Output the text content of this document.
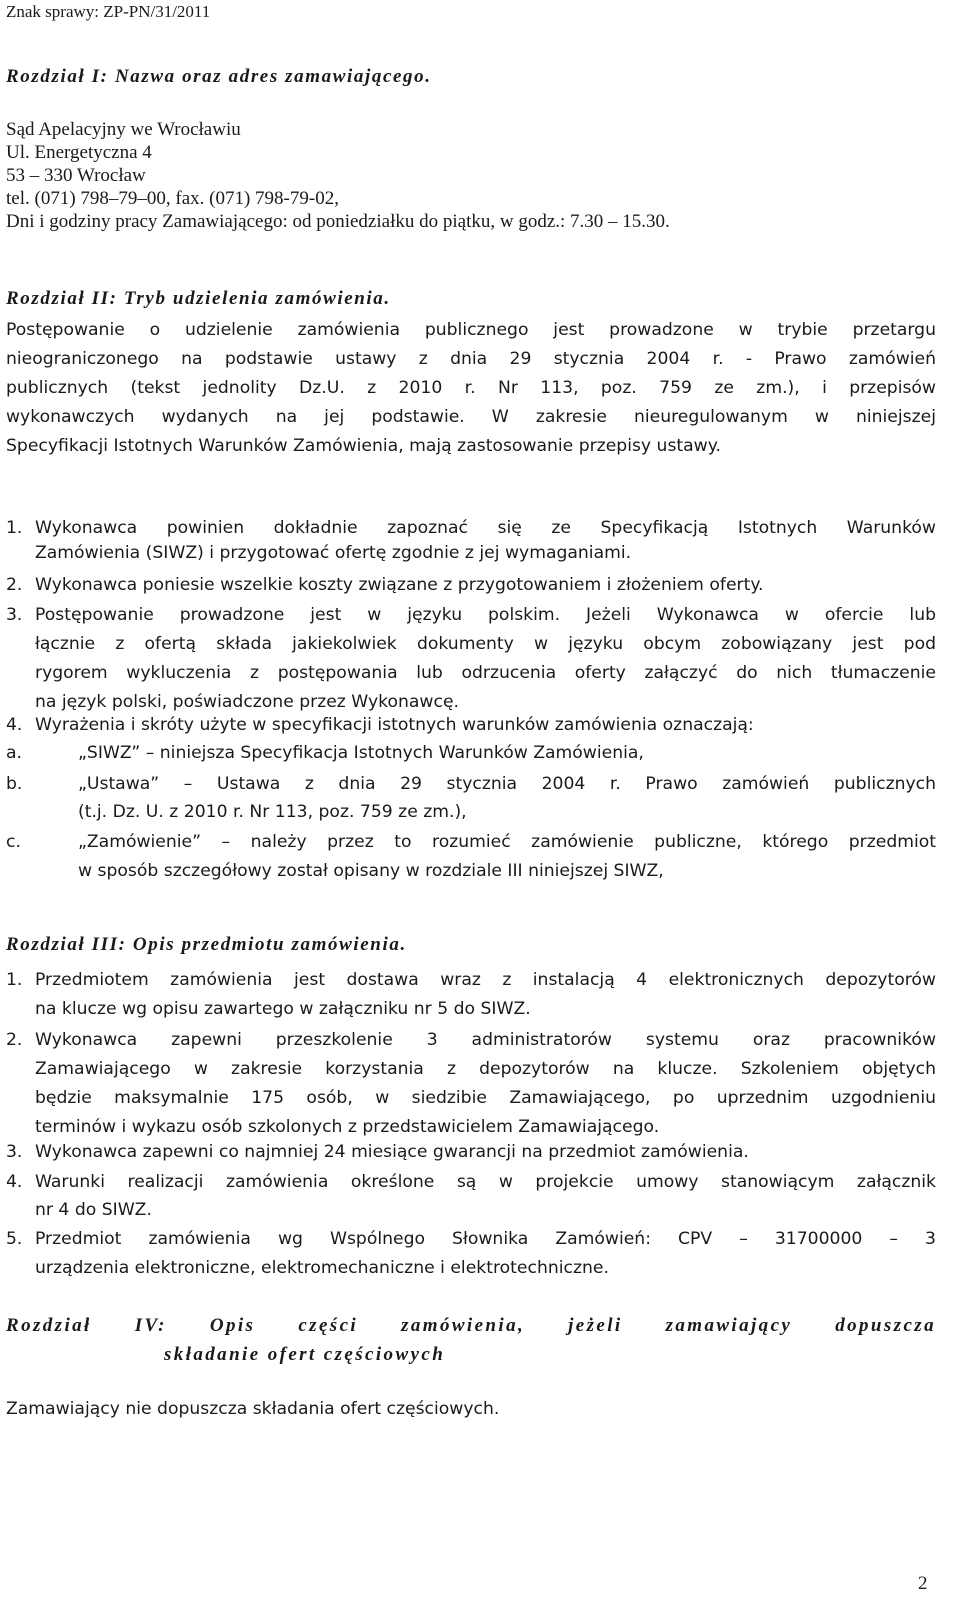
Znak sprawy: ZP-PN/31/2011
Rozdział I: Nazwa oraz adres zamawiającego.
Sąd Apelacyjny we Wrocławiu
Ul. Energetyczna 4
53 – 330 Wrocław
tel. (071) 798–79–00, fax. (071) 798-79-02,
Dni i godziny pracy Zamawiającego: od poniedziałku do piątku, w godz.: 7.30 – 15.30.
Rozdział II: Tryb udzielenia zamówienia.
Postępowanie o udzielenie zamówienia publicznego jest prowadzone w trybie przetargu
nieograniczonego na podstawie ustawy z dnia 29 stycznia 2004 r. - Prawo zamówień
publicznych (tekst jednolity Dz.U. z 2010 r. Nr 113, poz. 759 ze zm.), i przepisów
wykonawczych wydanych na jej podstawie. W zakresie nieuregulowanym w niniejszej
Specyfikacji Istotnych Warunków Zamówienia, mają zastosowanie przepisy ustawy.
1. Wykonawca powinien dokładnie zapoznać się ze Specyfikacją Istotnych Warunków
Zamówienia (SIWZ) i przygotować ofertę zgodnie z jej wymaganiami.
2. Wykonawca poniesie wszelkie koszty związane z przygotowaniem i złożeniem oferty.
3. Postępowanie prowadzone jest w języku polskim. Jeżeli Wykonawca w ofercie lub
łącznie z ofertą składa jakiekolwiek dokumenty w języku obcym zobowiązany jest pod
rygorem wykluczenia z postępowania lub odrzucenia oferty załączyć do nich tłumaczenie
na język polski, poświadczone przez Wykonawcę.
4. Wyrażenia i skróty użyte w specyfikacji istotnych warunków zamówienia oznaczają:
a.	„SIWZ” – niniejsza Specyfikacja Istotnych Warunków Zamówienia,
b.	„Ustawa” – Ustawa z dnia 29 stycznia 2004 r. Prawo zamówień publicznych
(t.j. Dz. U. z 2010 r. Nr 113, poz. 759 ze zm.),
c.	„Zamówienie” – należy przez to rozumieć zamówienie publiczne, którego przedmiot
w sposób szczegółowy został opisany w rozdziale III niniejszej SIWZ,
Rozdział III: Opis przedmiotu zamówienia.
1. Przedmiotem zamówienia jest dostawa wraz z instalacją 4 elektronicznych depozytorów
na klucze wg opisu zawartego w załączniku nr 5 do SIWZ.
2. Wykonawca zapewni przeszkolenie 3 administratorów systemu oraz pracowników
Zamawiającego w zakresie korzystania z depozytorów na klucze. Szkoleniem objętych
będzie maksymalnie 175 osób, w siedzibie Zamawiającego, po uprzednim uzgodnieniu
terminów i wykazu osób szkolonych z przedstawicielem Zamawiającego.
3. Wykonawca zapewni co najmniej 24 miesiące gwarancji na przedmiot zamówienia.
4. Warunki realizacji zamówienia określone są w projekcie umowy stanowiącym załącznik
nr 4 do SIWZ.
5. Przedmiot zamówienia wg Wspólnego Słownika Zamówień: CPV – 31700000 – 3
urządzenia elektroniczne, elektromechaniczne i elektrotechniczne.
Rozdział IV: Opis części zamówienia, jeżeli zamawiający dopuszcza
składanie ofert częściowych
Zamawiający nie dopuszcza składania ofert częściowych.
2
